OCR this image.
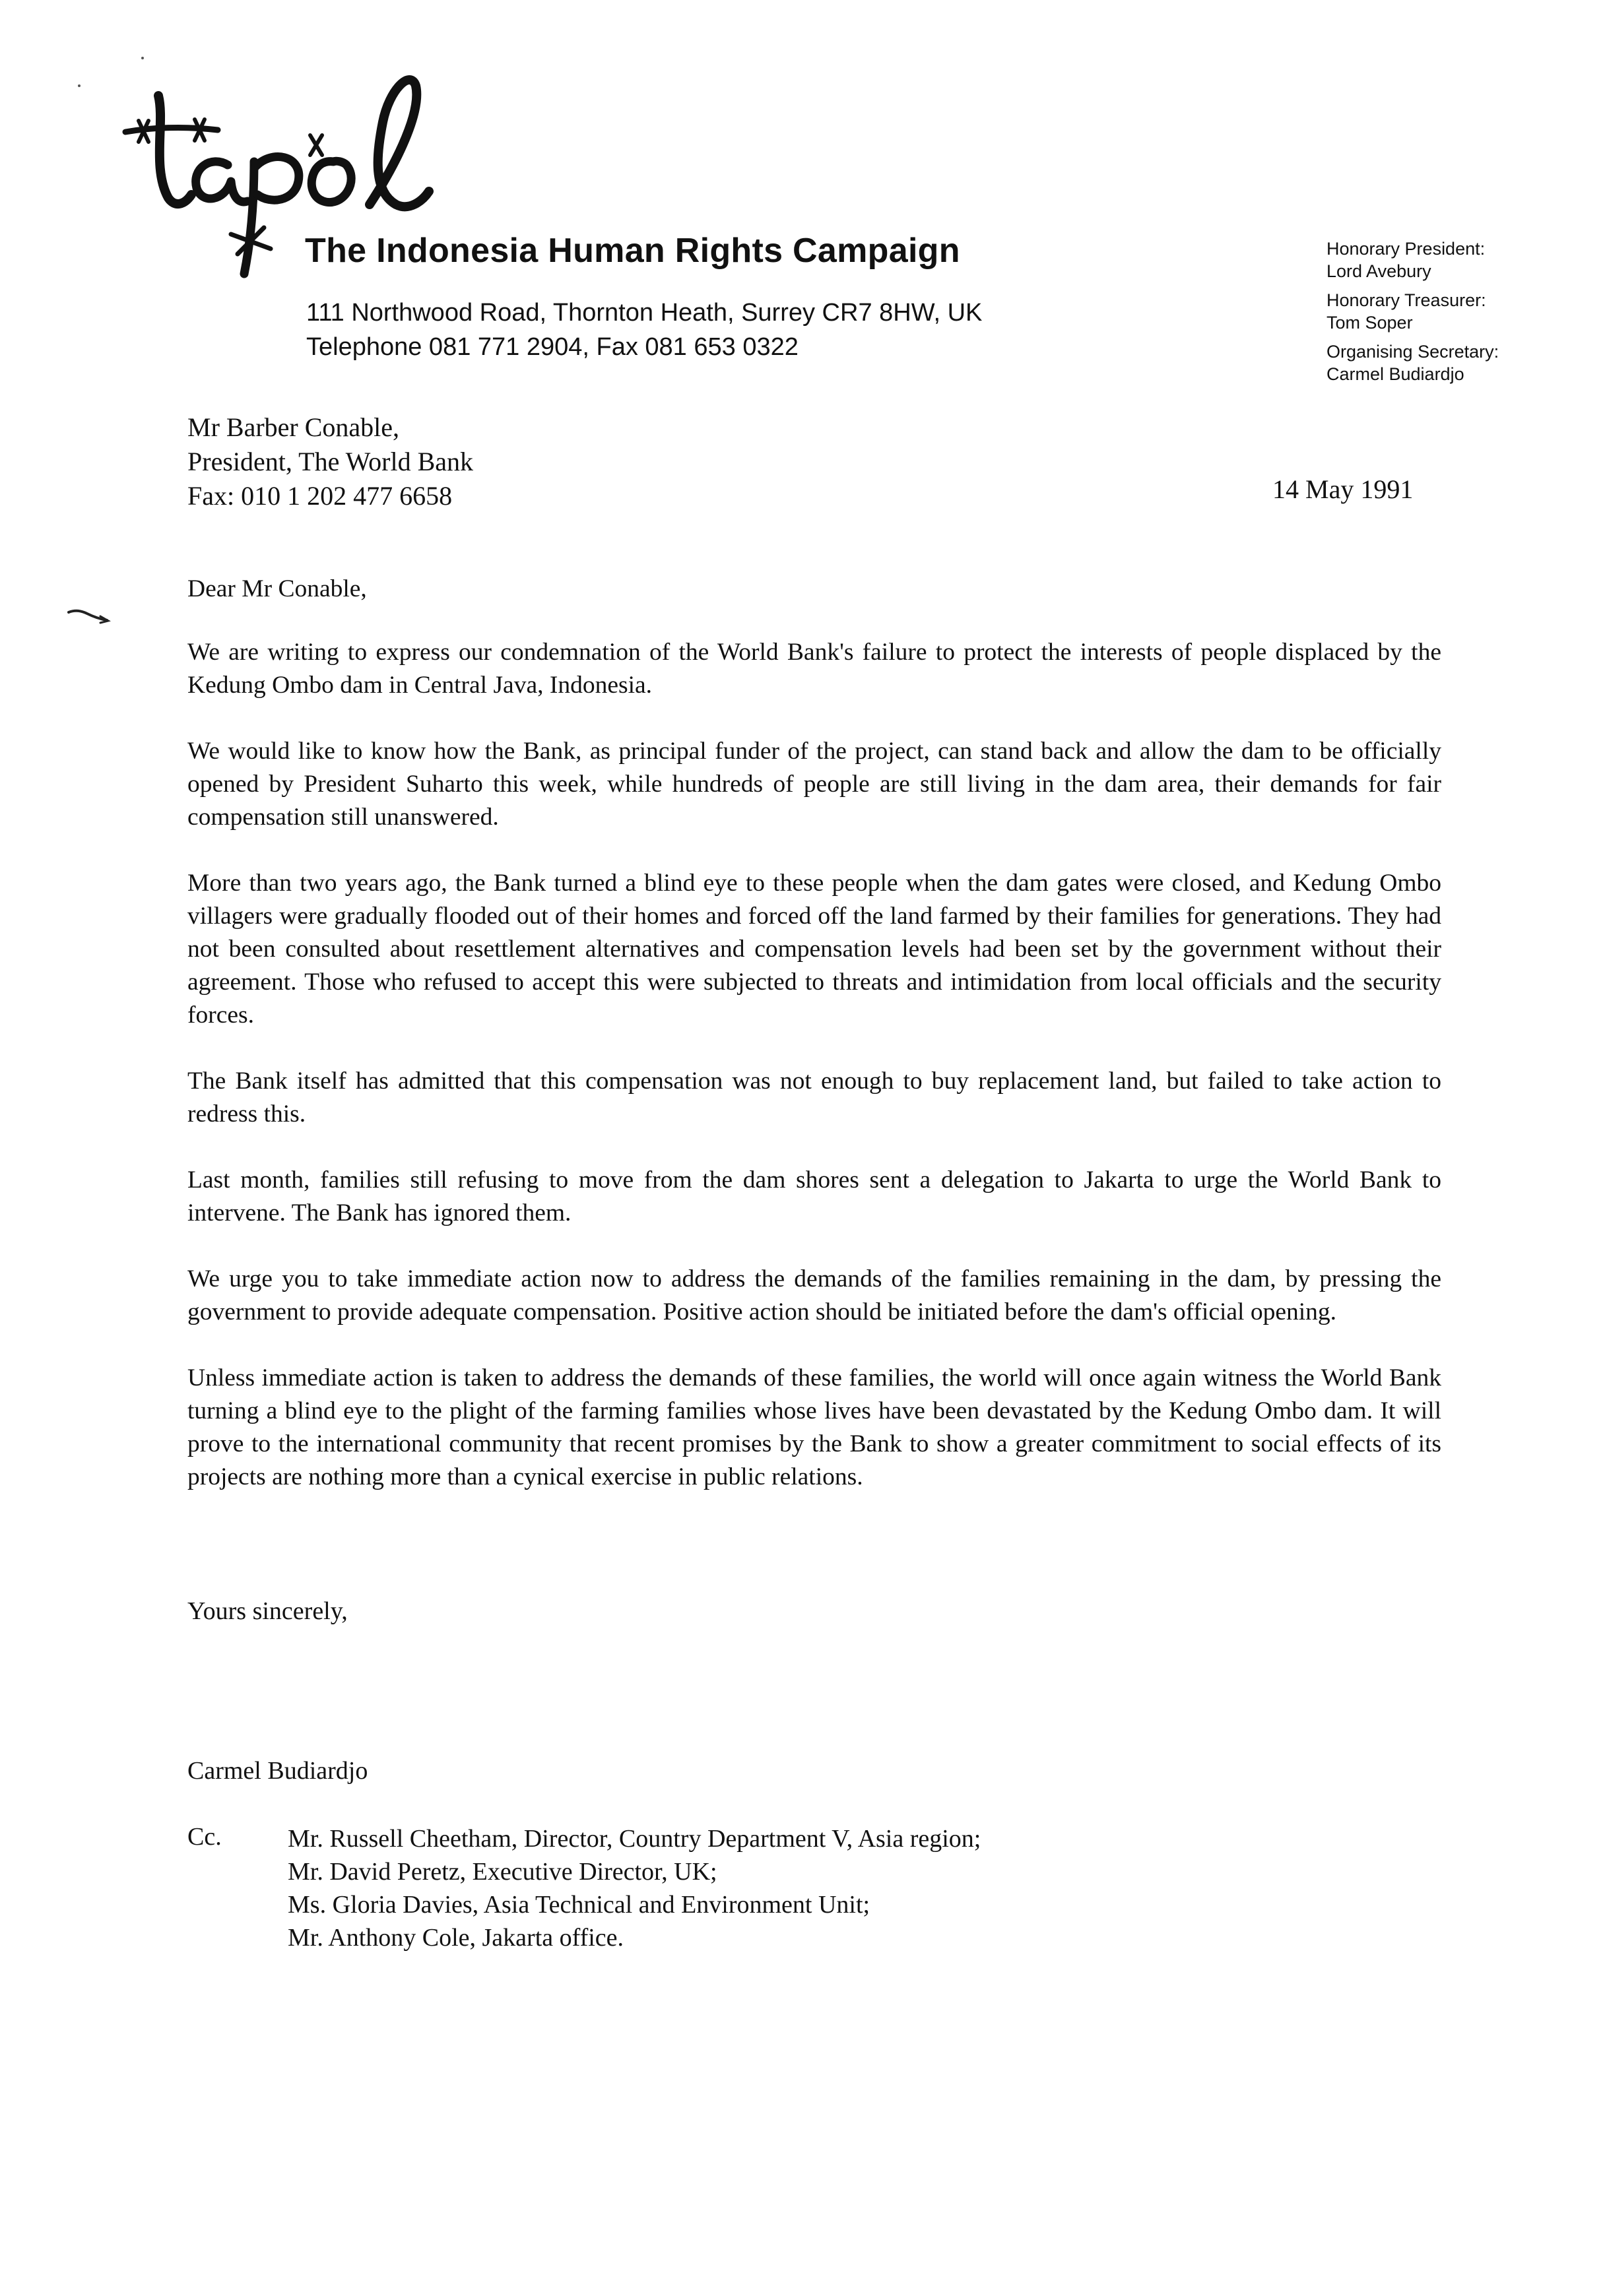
The Indonesia Human Rights Campaign
111 Northwood Road, Thornton Heath, Surrey CR7 8HW, UK
Telephone 081 771 2904, Fax 081 653 0322
Honorary President:
Lord Avebury
Honorary Treasurer:
Tom Soper
Organising Secretary:
Carmel Budiardjo
Mr Barber Conable,
President, The World Bank
Fax: 010 1 202 477 6658	14 May 1991

Dear Mr Conable,

We are writing to express our condemnation of the World Bank's failure to protect the interests of people displaced by the Kedung Ombo dam in Central Java, Indonesia.

We would like to know how the Bank, as principal funder of the project, can stand back and allow the dam to be officially opened by President Suharto this week, while hundreds of people are still living in the dam area, their demands for fair compensation still unanswered.

More than two years ago, the Bank turned a blind eye to these people when the dam gates were closed, and Kedung Ombo villagers were gradually flooded out of their homes and forced off the land farmed by their families for generations. They had not been consulted about resettlement alternatives and compensation levels had been set by the government without their agreement. Those who refused to accept this were subjected to threats and intimidation from local officials and the security forces.

The Bank itself has admitted that this compensation was not enough to buy replacement land, but failed to take action to redress this.

Last month, families still refusing to move from the dam shores sent a delegation to Jakarta to urge the World Bank to intervene. The Bank has ignored them.

We urge you to take immediate action now to address the demands of the families remaining in the dam, by pressing the government to provide adequate compensation. Positive action should be initiated before the dam's official opening.

Unless immediate action is taken to address the demands of these families, the world will once again witness the World Bank turning a blind eye to the plight of the farming families whose lives have been devastated by the Kedung Ombo dam. It will prove to the international community that recent promises by the Bank to show a greater commitment to social effects of its projects are nothing more than a cynical exercise in public relations.

Yours sincerely,
Carmel Budiardjo
Cc.	Mr. Russell Cheetham, Director, Country Department V, Asia region;
Mr. David Peretz, Executive Director, UK;
Ms. Gloria Davies, Asia Technical and Environment Unit;
Mr. Anthony Cole, Jakarta office.
